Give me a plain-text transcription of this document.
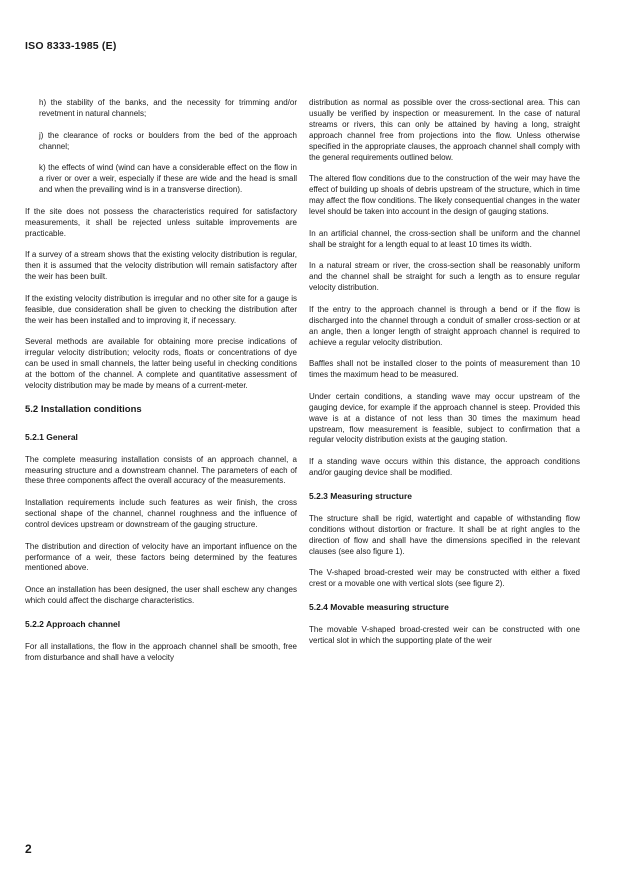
ISO 8333-1985 (E)

h) the stability of the banks, and the necessity for trimming and/or revetment in natural channels;

j) the clearance of rocks or boulders from the bed of the approach channel;

k) the effects of wind (wind can have a considerable effect on the flow in a river or over a weir, especially if these are wide and the head is small and when the prevailing wind is in a transverse direction).

If the site does not possess the characteristics required for satisfactory measurements, it shall be rejected unless suitable improvements are practicable.

If a survey of a stream shows that the existing velocity distribution is regular, then it is assumed that the velocity distribution will remain satisfactory after the weir has been built.

If the existing velocity distribution is irregular and no other site for a gauge is feasible, due consideration shall be given to checking the distribution after the weir has been installed and to improving it, if necessary.

Several methods are available for obtaining more precise indications of irregular velocity distribution; velocity rods, floats or concentrations of dye can be used in small channels, the latter being useful in checking conditions at the bottom of the channel. A complete and quantitative assessment of velocity distribution may be made by means of a current-meter.

5.2 Installation conditions
5.2.1 General

The complete measuring installation consists of an approach channel, a measuring structure and a downstream channel. The parameters of each of these three components affect the overall accuracy of the measurements.

Installation requirements include such features as weir finish, the cross sectional shape of the channel, channel roughness and the influence of control devices upstream or downstream of the gauging structure.

The distribution and direction of velocity have an important influence on the performance of a weir, these factors being determined by the features mentioned above.

Once an installation has been designed, the user shall eschew any changes which could affect the discharge characteristics.

5.2.2 Approach channel

For all installations, the flow in the approach channel shall be smooth, free from disturbance and shall have a velocity

distribution as normal as possible over the cross-sectional area. This can usually be verified by inspection or measurement. In the case of natural streams or rivers, this can only be attained by having a long, straight approach channel free from projections into the flow. Unless otherwise specified in the appropriate clauses, the approach channel shall comply with the general requirements outlined below.

The altered flow conditions due to the construction of the weir may have the effect of building up shoals of debris upstream of the structure, which in time may affect the flow conditions. The likely consequential changes in the water level should be taken into account in the design of gauging stations.

In an artificial channel, the cross-section shall be uniform and the channel shall be straight for a length equal to at least 10 times its width.

In a natural stream or river, the cross-section shall be reasonably uniform and the channel shall be straight for such a length as to ensure regular velocity distribution.

If the entry to the approach channel is through a bend or if the flow is discharged into the channel through a conduit of smaller cross-section or at an angle, then a longer length of straight approach channel is required to achieve a regular velocity distribution.

Baffles shall not be installed closer to the points of measurement than 10 times the maximum head to be measured.

Under certain conditions, a standing wave may occur upstream of the gauging device, for example if the approach channel is steep. Provided this wave is at a distance of not less than 30 times the maximum head upstream, flow measurement is feasible, subject to confirmation that a regular velocity distribution exists at the gauging station.

If a standing wave occurs within this distance, the approach conditions and/or gauging device shall be modified.

5.2.3 Measuring structure

The structure shall be rigid, watertight and capable of withstanding flow conditions without distortion or fracture. It shall be at right angles to the direction of flow and shall have the dimensions specified in the relevant clauses (see also figure 1).

The V-shaped broad-crested weir may be constructed with either a fixed crest or a movable one with vertical slots (see figure 2).

5.2.4 Movable measuring structure

The movable V-shaped broad-crested weir can be constructed with one vertical slot in which the supporting plate of the weir

2
